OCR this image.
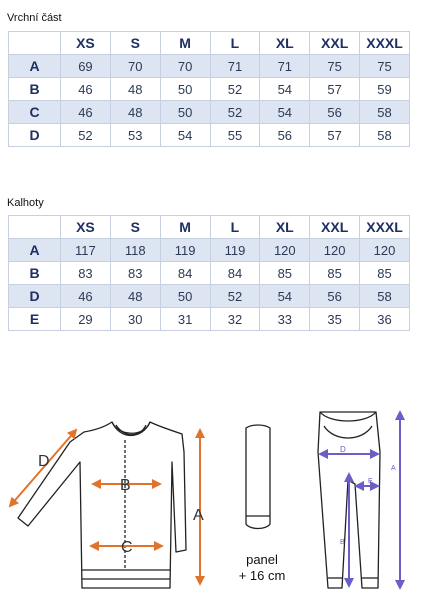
Vrchní část
	XS	S	M	L	XL	XXL	XXXL
A	69	70	70	71	71	75	75
B	46	48	50	52	54	57	59
C	46	48	50	52	54	56	58
D	52	53	54	55	56	57	58
Kalhoty
	XS	S	M	L	XL	XXL	XXXL
A	117	118	119	119	120	120	120
B	83	83	84	84	85	85	85
D	46	48	50	52	54	56	58
E	29	30	31	32	33	35	36
B
C
A
D
D
E
B
A
panel
+ 16 cm
